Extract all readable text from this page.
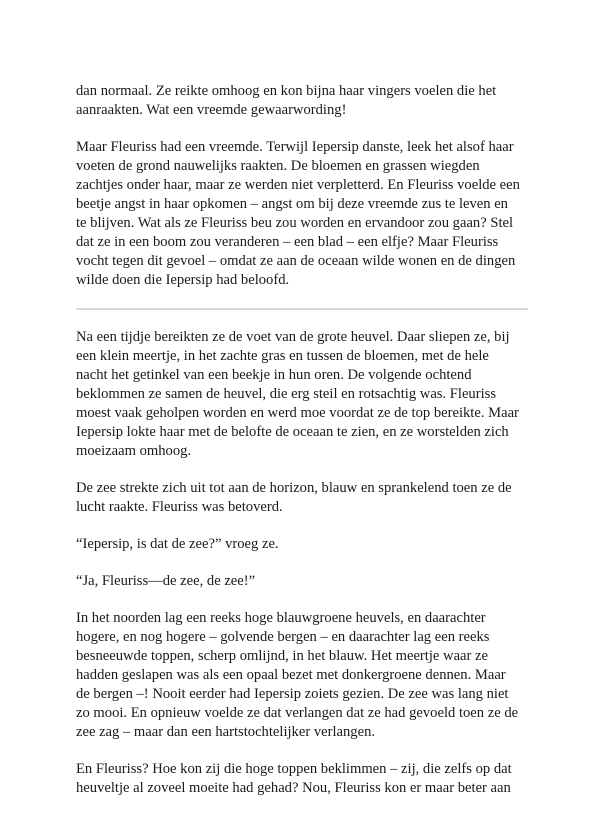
dan normaal. Ze reikte omhoog en kon bijna haar vingers voelen die het
aanraakten. Wat een vreemde gewaarwording!

Maar Fleuriss had een vreemde. Terwijl Iepersip danste, leek het alsof haar
voeten de grond nauwelijks raakten. De bloemen en grassen wiegden
zachtjes onder haar, maar ze werden niet verpletterd. En Fleuriss voelde een
beetje angst in haar opkomen – angst om bij deze vreemde zus te leven en
te blijven. Wat als ze Fleuriss beu zou worden en ervandoor zou gaan? Stel
dat ze in een boom zou veranderen – een blad – een elfje? Maar Fleuriss
vocht tegen dit gevoel – omdat ze aan de oceaan wilde wonen en de dingen
wilde doen die Iepersip had beloofd.

Na een tijdje bereikten ze de voet van de grote heuvel. Daar sliepen ze, bij
een klein meertje, in het zachte gras en tussen de bloemen, met de hele
nacht het getinkel van een beekje in hun oren. De volgende ochtend
beklommen ze samen de heuvel, die erg steil en rotsachtig was. Fleuriss
moest vaak geholpen worden en werd moe voordat ze de top bereikte. Maar
Iepersip lokte haar met de belofte de oceaan te zien, en ze worstelden zich
moeizaam omhoog.

De zee strekte zich uit tot aan de horizon, blauw en sprankelend toen ze de
lucht raakte. Fleuriss was betoverd.

“Iepersip, is dat de zee?” vroeg ze.

“Ja, Fleuriss—de zee, de zee!”

In het noorden lag een reeks hoge blauwgroene heuvels, en daarachter
hogere, en nog hogere – golvende bergen – en daarachter lag een reeks
besneeuwde toppen, scherp omlijnd, in het blauw. Het meertje waar ze
hadden geslapen was als een opaal bezet met donkergroene dennen. Maar
de bergen –! Nooit eerder had Iepersip zoiets gezien. De zee was lang niet
zo mooi. En opnieuw voelde ze dat verlangen dat ze had gevoeld toen ze de
zee zag – maar dan een hartstochtelijker verlangen.

En Fleuriss? Hoe kon zij die hoge toppen beklimmen – zij, die zelfs op dat
heuveltje al zoveel moeite had gehad? Nou, Fleuriss kon er maar beter aan
